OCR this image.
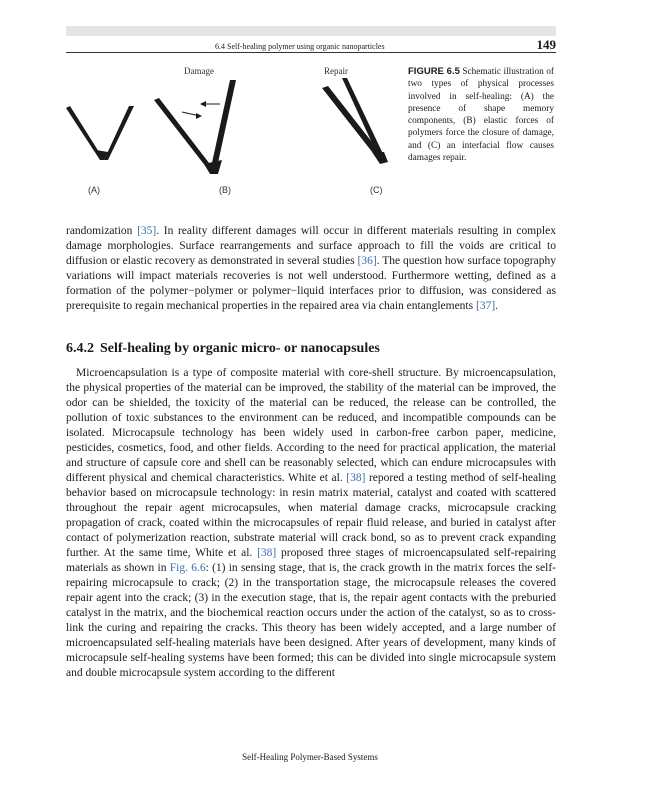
6.4 Self-healing polymer using organic nanoparticles	149
Damage	Repair
(A)	(B)	(C)
FIGURE 6.5 Schematic illustration of two types of physical processes involved in self-healing: (A) the presence of shape memory components, (B) elastic forces of polymers force the closure of damage, and (C) an interfacial flow causes damages repair.

randomization [35]. In reality different damages will occur in different materials resulting in complex damage morphologies. Surface rearrangements and surface approach to fill the voids are critical to diffusion or elastic recovery as demonstrated in several studies [36]. The question how surface topography variations will impact materials recoveries is not well understood. Furthermore wetting, defined as a formation of the polymer−polymer or polymer−liquid interfaces prior to diffusion, was considered as prerequisite to regain mechanical properties in the repaired area via chain entanglements [37].

6.4.2 Self-healing by organic micro- or nanocapsules

Microencapsulation is a type of composite material with core-shell structure. By microencapsulation, the physical properties of the material can be improved, the stability of the material can be improved, the odor can be shielded, the toxicity of the material can be reduced, the release can be controlled, the pollution of toxic substances to the environment can be reduced, and incompatible compounds can be isolated. Microcapsule technology has been widely used in carbon-free carbon paper, medicine, pesticides, cosmetics, food, and other fields. According to the need for practical application, the material and structure of capsule core and shell can be reasonably selected, which can endure microcapsules with different physical and chemical characteristics. White et al. [38] repored a testing method of self-healing behavior based on microcapsule technology: in resin matrix material, catalyst and coated with scattered throughout the repair agent microcapsules, when material damage cracks, microcapsule cracking propagation of crack, coated within the microcapsules of repair fluid release, and buried in catalyst after contact of polymerization reaction, substrate material will crack bond, so as to prevent crack expanding further. At the same time, White et al. [38] proposed three stages of microencapsulated self-repairing materials as shown in Fig. 6.6: (1) in sensing stage, that is, the crack growth in the matrix forces the self-repairing microcapsule to crack; (2) in the transportation stage, the microcapsule releases the covered repair agent into the crack; (3) in the execution stage, that is, the repair agent contacts with the preburied catalyst in the matrix, and the biochemical reaction occurs under the action of the catalyst, so as to cross-link the curing and repairing the cracks. This theory has been widely accepted, and a large number of microencapsulated self-healing materials have been designed. After years of development, many kinds of microcapsule self-healing systems have been formed; this can be divided into single microcapsule system and double microcapsule system according to the different

Self-Healing Polymer-Based Systems
